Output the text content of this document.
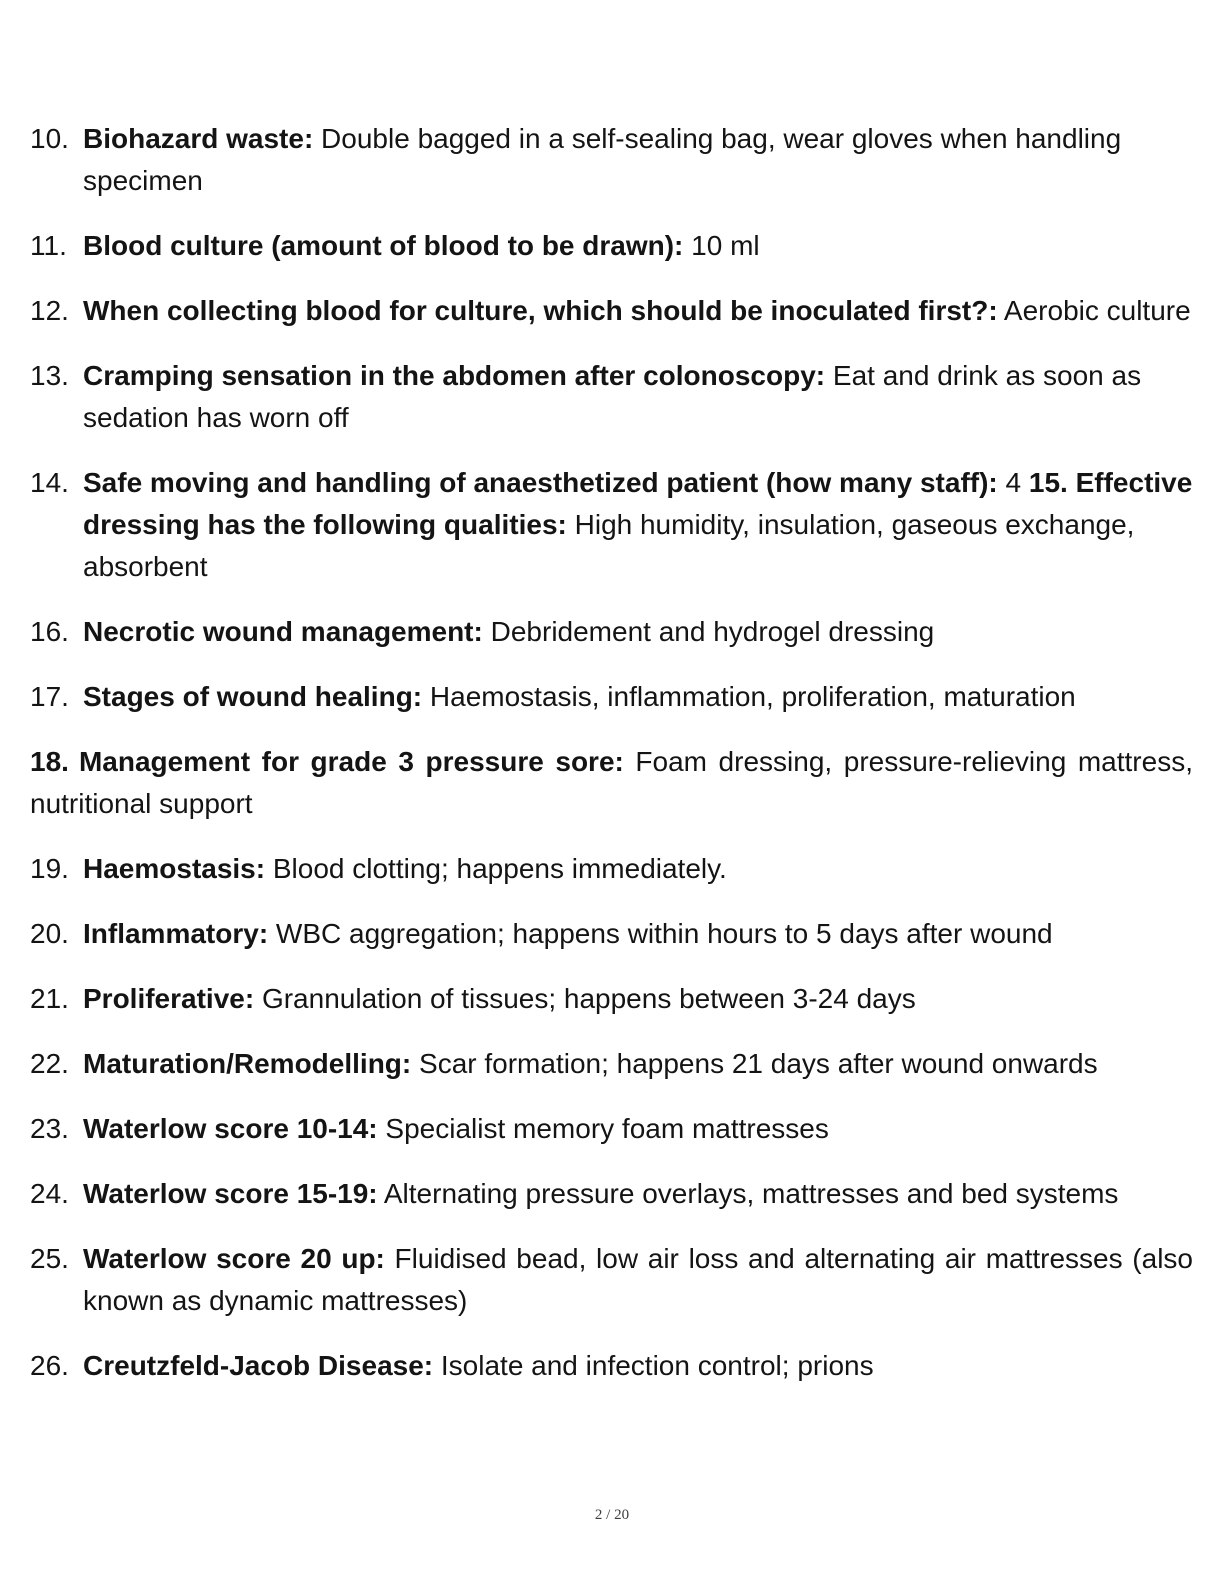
10. Biohazard waste: Double bagged in a self-sealing bag, wear gloves when handling specimen
11. Blood culture (amount of blood to be drawn): 10 ml
12. When collecting blood for culture, which should be inoculated first?: Aerobic culture
13. Cramping sensation in the abdomen after colonoscopy: Eat and drink as soon as sedation has worn off
14. Safe moving and handling of anaesthetized patient (how many staff): 4 15. Effective dressing has the following qualities: High humidity, insulation, gaseous exchange, absorbent
16. Necrotic wound management: Debridement and hydrogel dressing
17. Stages of wound healing: Haemostasis, inflammation, proliferation, maturation
18. Management for grade 3 pressure sore: Foam dressing, pressure-relieving mattress, nutritional support
19. Haemostasis: Blood clotting; happens immediately.
20. Inflammatory: WBC aggregation; happens within hours to 5 days after wound
21. Proliferative: Grannulation of tissues; happens between 3-24 days
22. Maturation/Remodelling: Scar formation; happens 21 days after wound onwards
23. Waterlow score 10-14: Specialist memory foam mattresses
24. Waterlow score 15-19: Alternating pressure overlays, mattresses and bed systems
25. Waterlow score 20 up: Fluidised bead, low air loss and alternating air mattresses (also known as dynamic mattresses)
26. Creutzfeld-Jacob Disease: Isolate and infection control; prions
2 / 20
